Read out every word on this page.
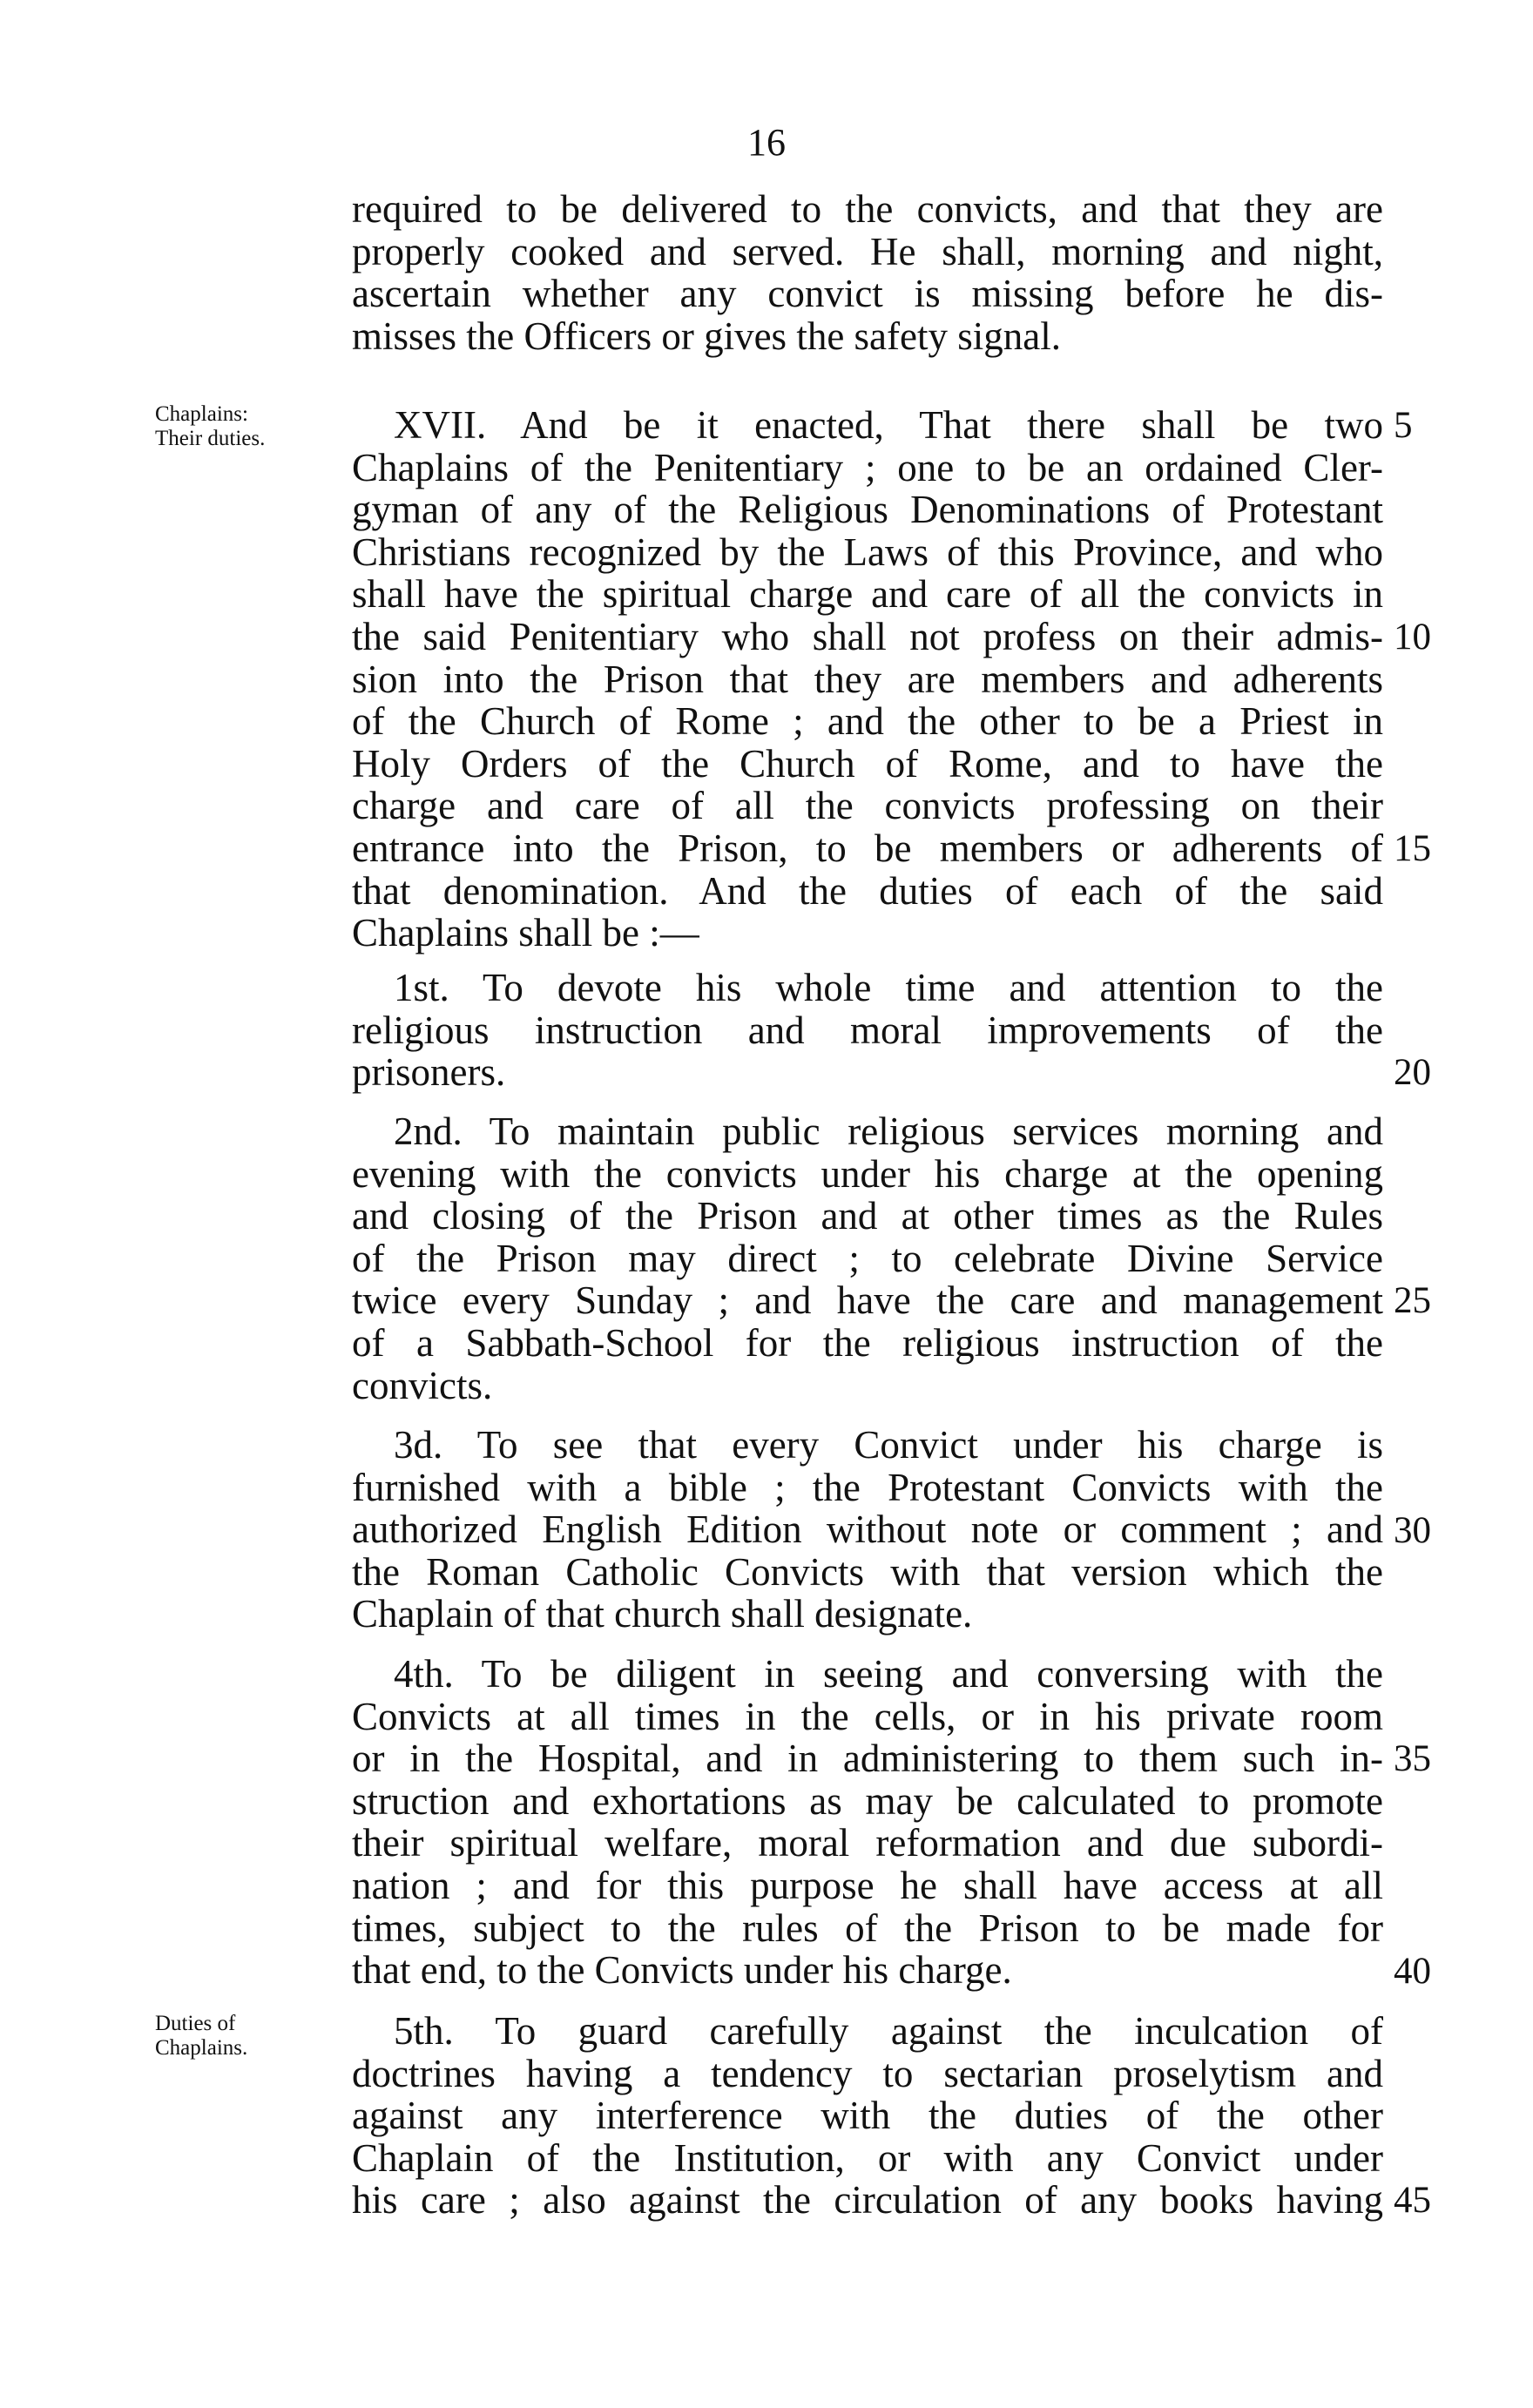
16
required to be delivered to the convicts, and that they are
properly cooked and served. He shall, morning and night,
ascertain whether any convict is missing before he dis-
misses the Officers or gives the safety signal.
Chaplains:
Their duties.	XVII. And be it enacted, That there shall be two
Chaplains of the Penitentiary ; one to be an ordained Cler-
gyman of any of the Religious Denominations of Protestant
Christians recognized by the Laws of this Province, and who
shall have the spiritual charge and care of all the convicts in
the said Penitentiary who shall not profess on their admis-
sion into the Prison that they are members and adherents
of the Church of Rome ; and the other to be a Priest in
Holy Orders of the Church of Rome, and to have the
charge and care of all the convicts professing on their
entrance into the Prison, to be members or adherents of
that denomination. And the duties of each of the said
Chaplains shall be :—
1st. To devote his whole time and attention to the
religious instruction and moral improvements of the
prisoners.
2nd. To maintain public religious services morning and
evening with the convicts under his charge at the opening
and closing of the Prison and at other times as the Rules
of the Prison may direct ; to celebrate Divine Service
twice every Sunday ; and have the care and management
of a Sabbath-School for the religious instruction of the
convicts.
3d. To see that every Convict under his charge is
furnished with a bible ; the Protestant Convicts with the
authorized English Edition without note or comment ; and
the Roman Catholic Convicts with that version which the
Chaplain of that church shall designate.
4th. To be diligent in seeing and conversing with the
Convicts at all times in the cells, or in his private room
or in the Hospital, and in administering to them such in-
struction and exhortations as may be calculated to promote
their spiritual welfare, moral reformation and due subordi-
nation ; and for this purpose he shall have access at all
times, subject to the rules of the Prison to be made for
that end, to the Convicts under his charge.
Duties of
Chaplains.	5th. To guard carefully against the inculcation of
doctrines having a tendency to sectarian proselytism and
against any interference with the duties of the other
Chaplain of the Institution, or with any Convict under
his care ; also against the circulation of any books having
5
10
15
20
25
30
35
40
45
